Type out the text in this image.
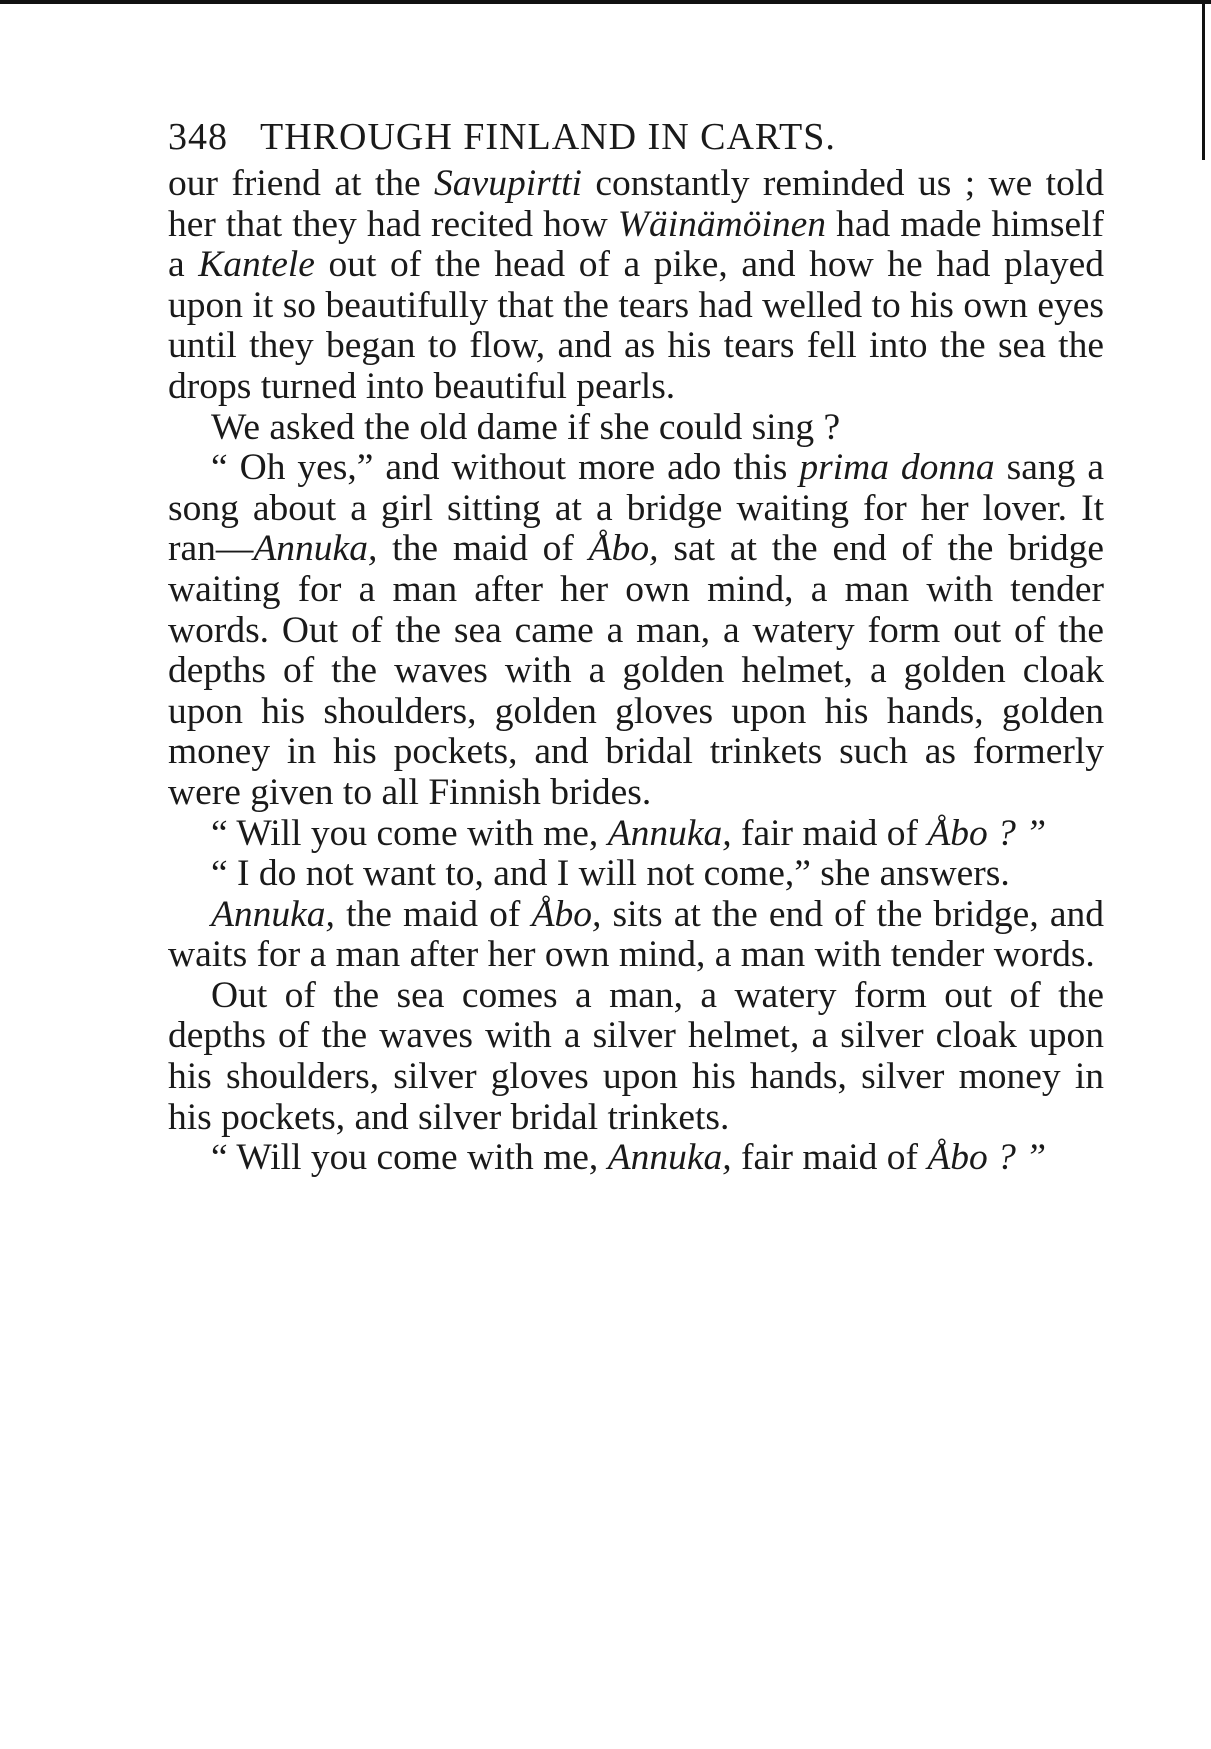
348 THROUGH FINLAND IN CARTS.

our friend at the Savupirtti constantly reminded us ; we told her that they had recited how Wäinämöinen had made himself a Kantele out of the head of a pike, and how he had played upon it so beautifully that the tears had welled to his own eyes until they began to flow, and as his tears fell into the sea the drops turned into beautiful pearls.

We asked the old dame if she could sing ?

“ Oh yes,” and without more ado this prima donna sang a song about a girl sitting at a bridge waiting for her lover. It ran—Annuka, the maid of Åbo, sat at the end of the bridge waiting for a man after her own mind, a man with tender words. Out of the sea came a man, a watery form out of the depths of the waves with a golden helmet, a golden cloak upon his shoulders, golden gloves upon his hands, golden money in his pockets, and bridal trinkets such as formerly were given to all Finnish brides.

“ Will you come with me, Annuka, fair maid of Åbo ? ”

“ I do not want to, and I will not come,” she answers.

Annuka, the maid of Åbo, sits at the end of the bridge, and waits for a man after her own mind, a man with tender words.

Out of the sea comes a man, a watery form out of the depths of the waves with a silver helmet, a silver cloak upon his shoulders, silver gloves upon his hands, silver money in his pockets, and silver bridal trinkets.

“ Will you come with me, Annuka, fair maid of Åbo ? ”
